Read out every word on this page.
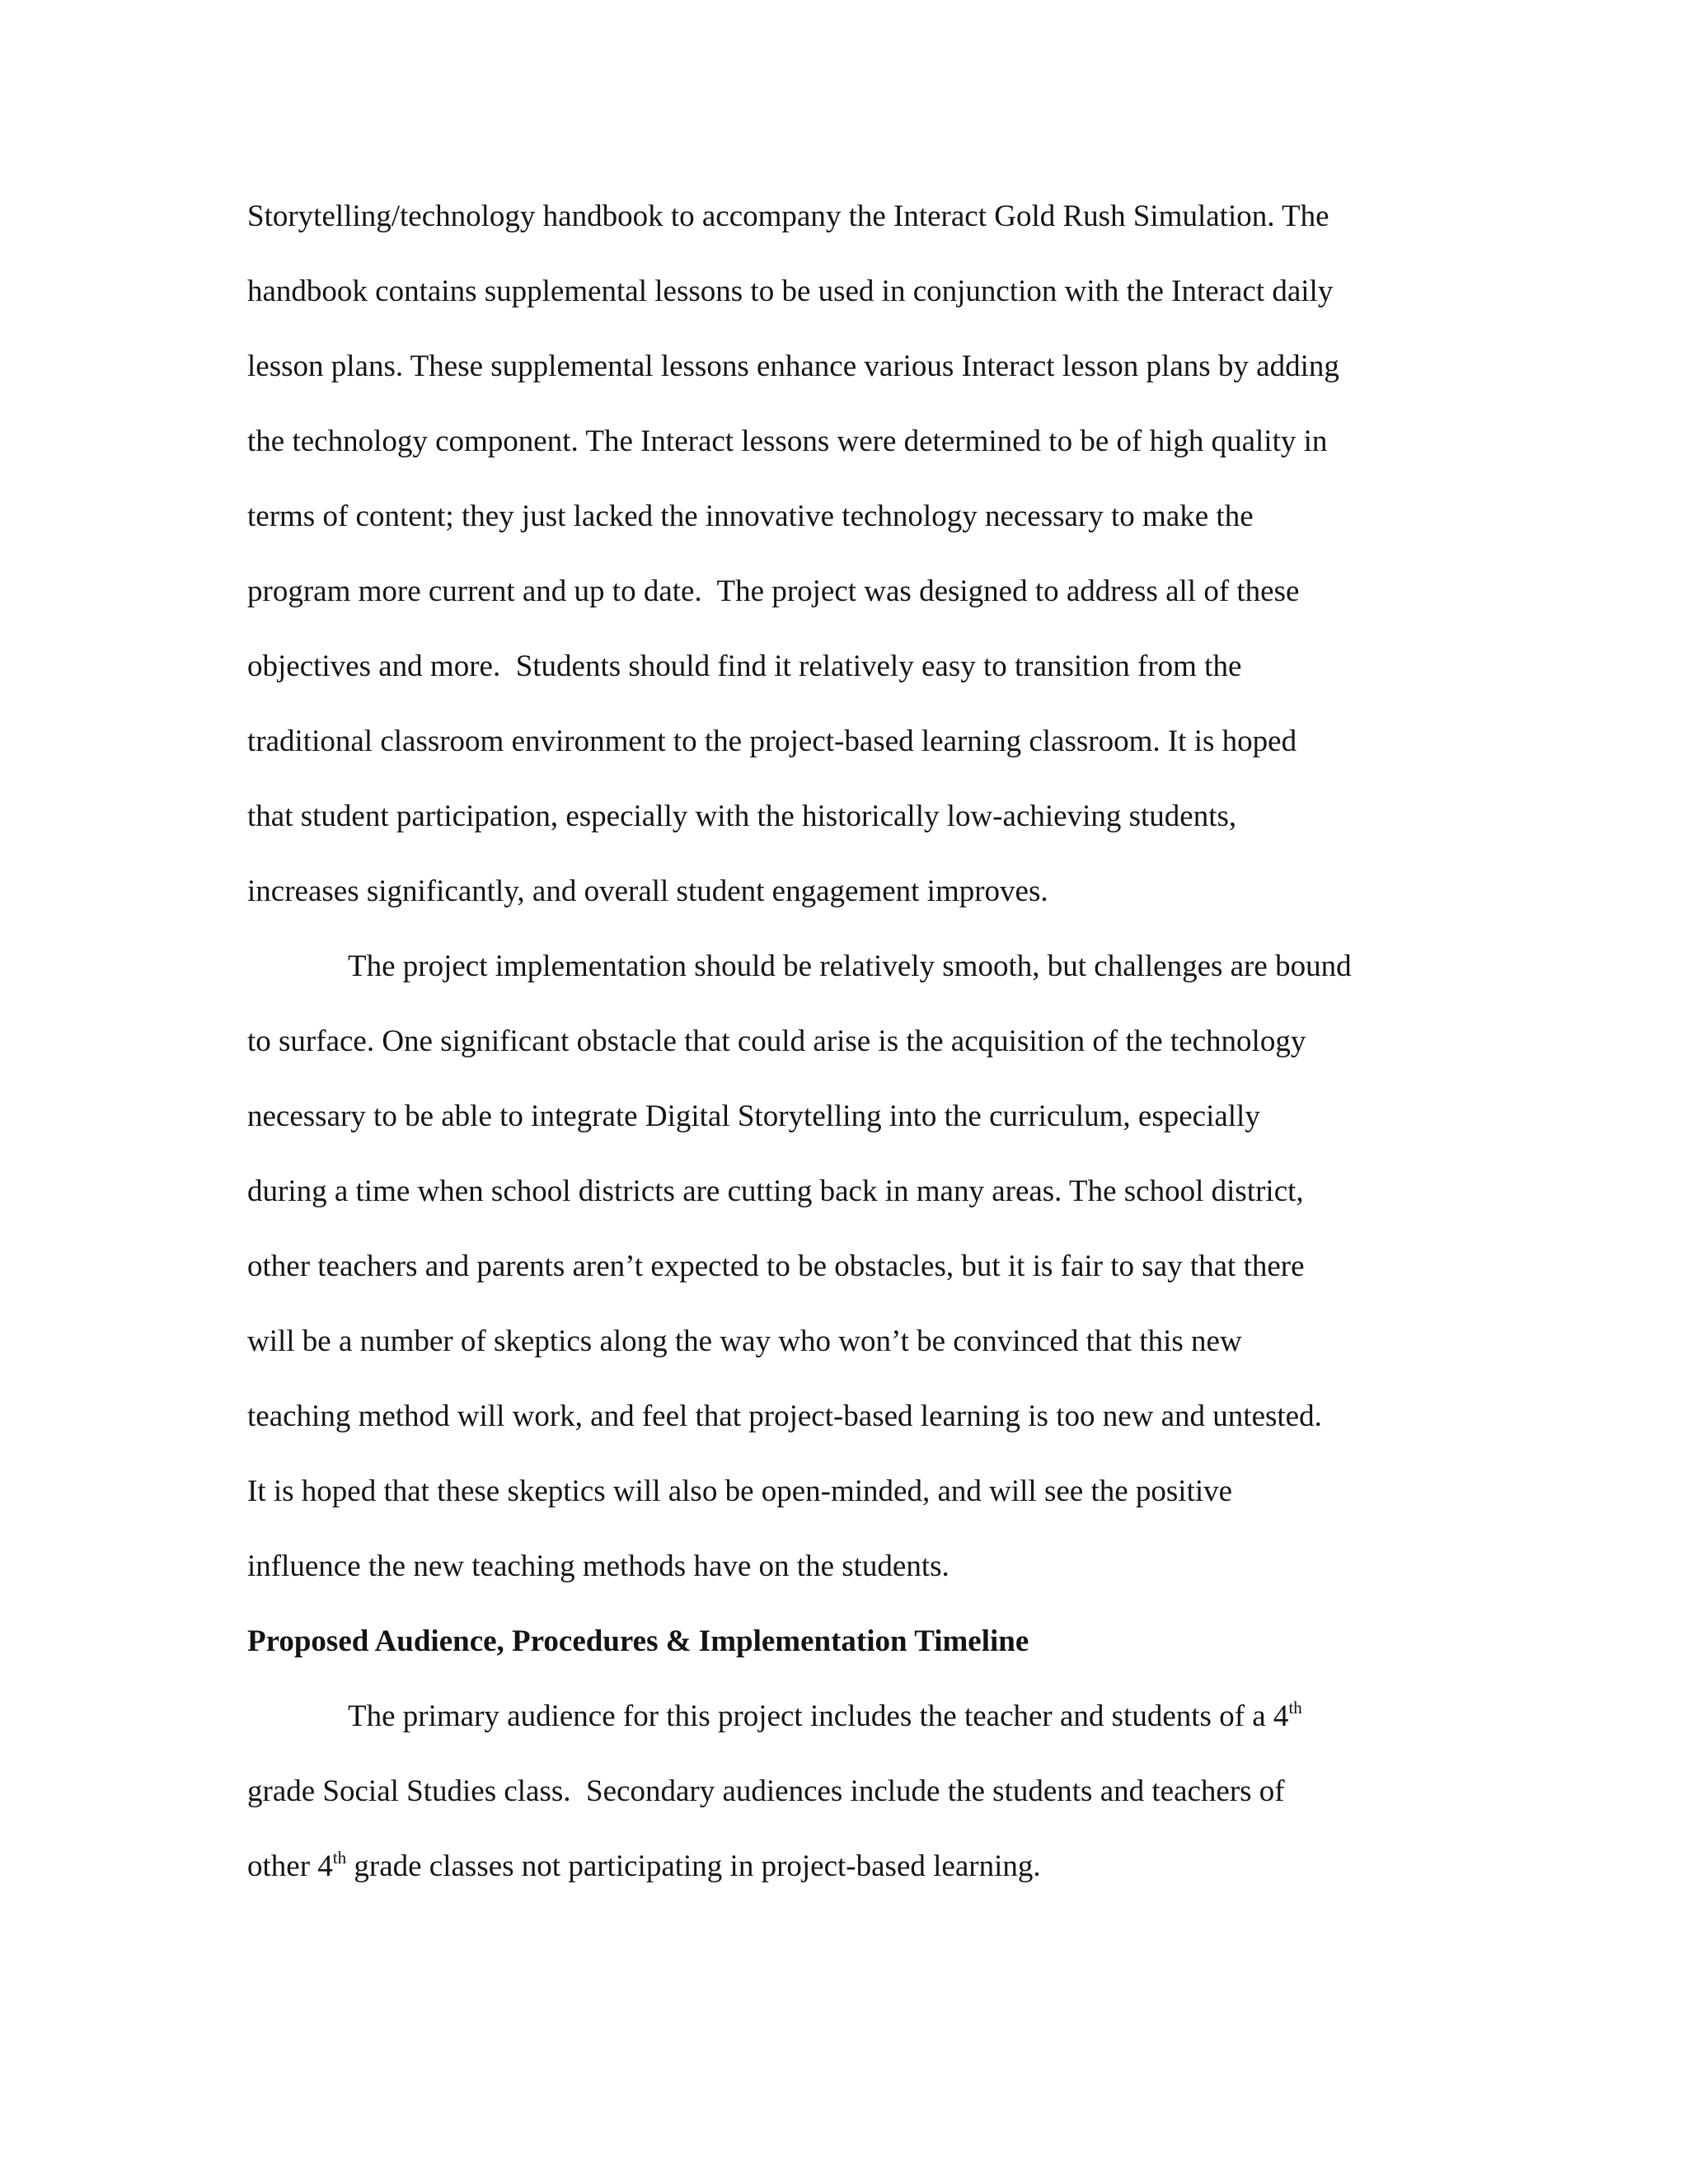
Storytelling/technology handbook to accompany the Interact Gold Rush Simulation. The
handbook contains supplemental lessons to be used in conjunction with the Interact daily
lesson plans. These supplemental lessons enhance various Interact lesson plans by adding
the technology component. The Interact lessons were determined to be of high quality in
terms of content; they just lacked the innovative technology necessary to make the
program more current and up to date.  The project was designed to address all of these
objectives and more.  Students should find it relatively easy to transition from the
traditional classroom environment to the project-based learning classroom. It is hoped
that student participation, especially with the historically low-achieving students,
increases significantly, and overall student engagement improves.
The project implementation should be relatively smooth, but challenges are bound
to surface. One significant obstacle that could arise is the acquisition of the technology
necessary to be able to integrate Digital Storytelling into the curriculum, especially
during a time when school districts are cutting back in many areas. The school district,
other teachers and parents aren’t expected to be obstacles, but it is fair to say that there
will be a number of skeptics along the way who won’t be convinced that this new
teaching method will work, and feel that project-based learning is too new and untested.
It is hoped that these skeptics will also be open-minded, and will see the positive
influence the new teaching methods have on the students.
Proposed Audience, Procedures & Implementation Timeline
The primary audience for this project includes the teacher and students of a 4th
grade Social Studies class.  Secondary audiences include the students and teachers of
other 4th grade classes not participating in project-based learning.
